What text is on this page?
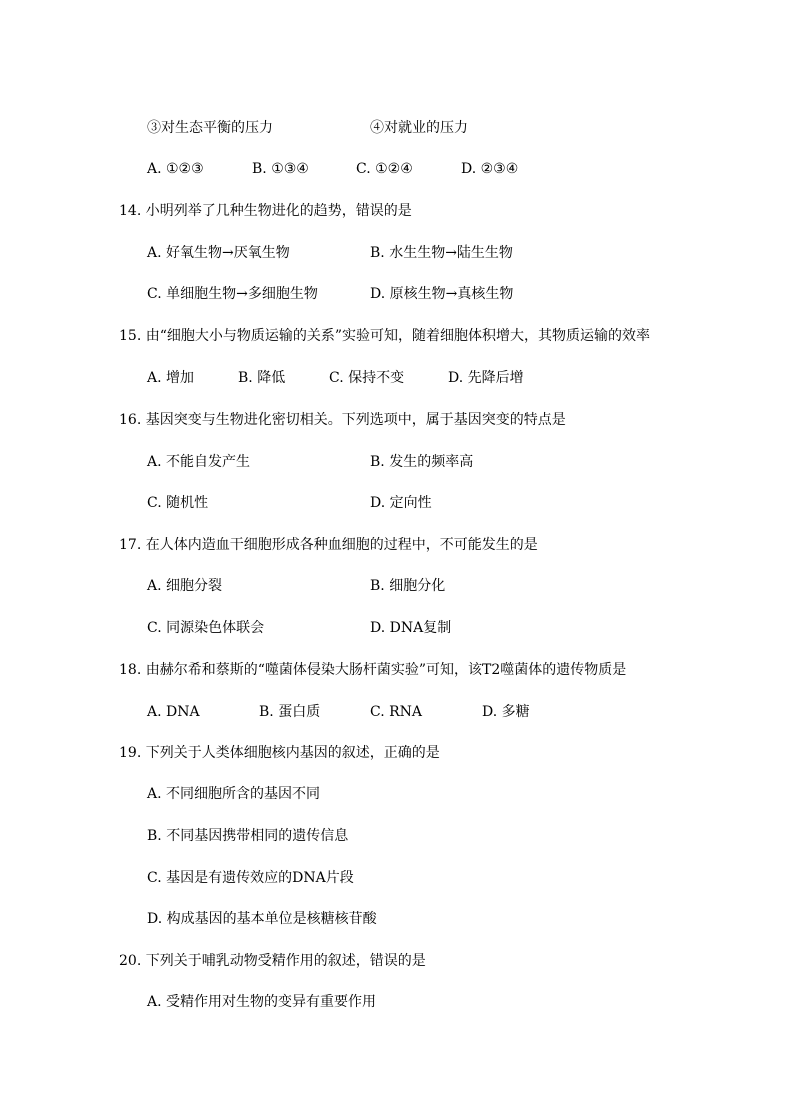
③对生态平衡的压力	④对就业的压力
A. ①②③	B. ①③④	C. ①②④	D. ②③④
14. 小明列举了几种生物进化的趋势，错误的是
A. 好氧生物→厌氧生物	B. 水生生物→陆生生物
C. 单细胞生物→多细胞生物	D. 原核生物→真核生物
15. 由“细胞大小与物质运输的关系”实验可知，随着细胞体积增大，其物质运输的效率
A. 增加	B. 降低	C. 保持不变	D. 先降后增
16. 基因突变与生物进化密切相关。下列选项中，属于基因突变的特点是
A. 不能自发产生	B. 发生的频率高
C. 随机性	D. 定向性
17. 在人体内造血干细胞形成各种血细胞的过程中，不可能发生的是
A. 细胞分裂	B. 细胞分化
C. 同源染色体联会	D. DNA复制
18. 由赫尔希和蔡斯的“噬菌体侵染大肠杆菌实验”可知，该T2噬菌体的遗传物质是
A. DNA	B. 蛋白质	C. RNA	D. 多糖
19. 下列关于人类体细胞核内基因的叙述，正确的是
A. 不同细胞所含的基因不同
B. 不同基因携带相同的遗传信息
C. 基因是有遗传效应的DNA片段
D. 构成基因的基本单位是核糖核苷酸
20. 下列关于哺乳动物受精作用的叙述，错误的是
A. 受精作用对生物的变异有重要作用
